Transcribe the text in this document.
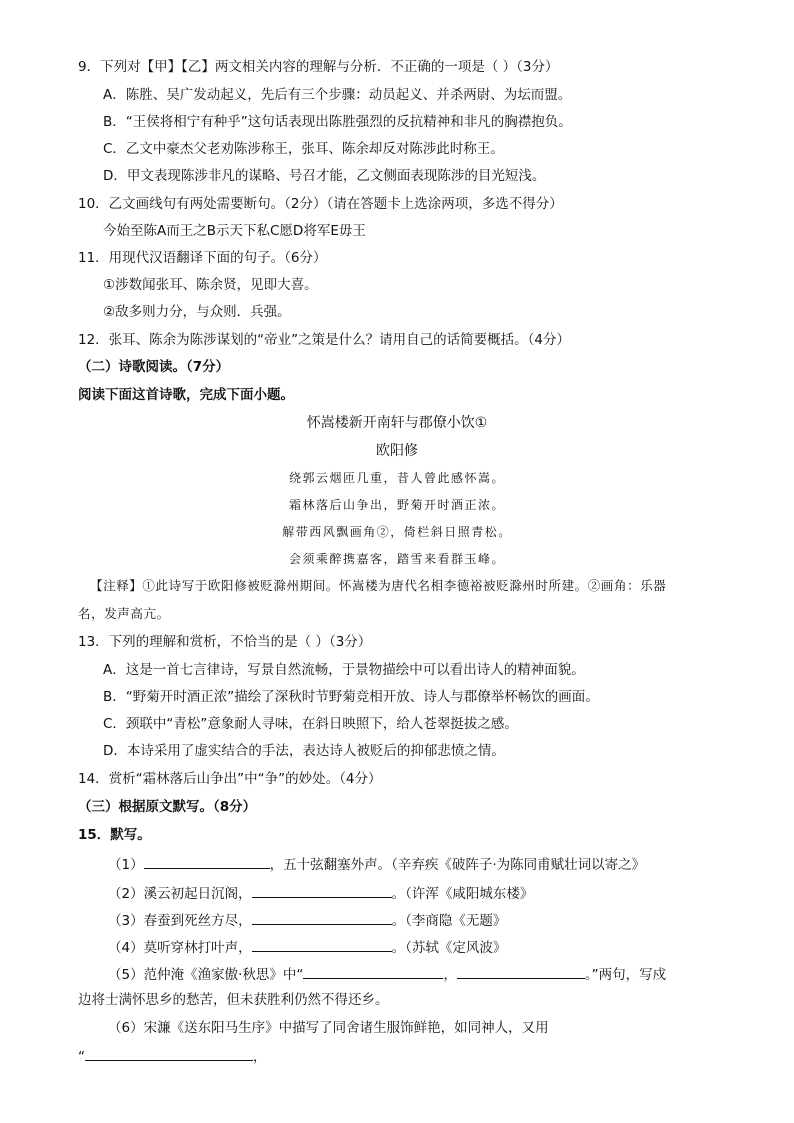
9．下列对【甲】【乙】两文相关内容的理解与分析．不正确的一项是（ ）（3分）
A．陈胜、吴广发动起义，先后有三个步骤：动员起义、并杀两尉、为坛而盟。
B．“王侯将相宁有种乎”这句话表现出陈胜强烈的反抗精神和非凡的胸襟抱负。
C．乙文中豪杰父老劝陈涉称王，张耳、陈余却反对陈涉此时称王。
D．甲文表现陈涉非凡的谋略、号召才能，乙文侧面表现陈涉的目光短浅。
10．乙文画线句有两处需要断句。（2分）（请在答题卡上选涂两项，多选不得分）
今始至陈A而王之B示天下私C愿D将军E毋王
11．用现代汉语翻译下面的句子。（6分）
①涉数闻张耳、陈余贤，见即大喜。
②敌多则力分，与众则．兵强。
12．张耳、陈余为陈涉谋划的“帝业”之策是什么？请用自己的话简要概括。（4分）
（二）诗歌阅读。（7分）
阅读下面这首诗歌，完成下面小题。
怀嵩楼新开南轩与郡僚小饮①
欧阳修
绕郭云烟匝几重，昔人曾此感怀嵩。
霜林落后山争出，野菊开时酒正浓。
解带西风飘画角②，倚栏斜日照青松。
会须乘醉携嘉客，踏雪来看群玉峰。
【注释】①此诗写于欧阳修被贬滁州期间。怀嵩楼为唐代名相李德裕被贬滁州时所建。②画角：乐器
名，发声高亢。
13．下列的理解和赏析，不恰当的是（ ）（3分）
A．这是一首七言律诗，写景自然流畅，于景物描绘中可以看出诗人的精神面貌。
B．“野菊开时酒正浓”描绘了深秋时节野菊竞相开放、诗人与郡僚举杯畅饮的画面。
C．颈联中“青松”意象耐人寻味，在斜日映照下，给人苍翠挺拔之感。
D．本诗采用了虚实结合的手法，表达诗人被贬后的抑郁悲愤之情。
14．赏析“霜林落后山争出”中“争”的妙处。（4分）
（三）根据原文默写。（8分）
15．默写。
（1）	，五十弦翻塞外声。（辛弃疾《破阵子·为陈同甫赋壮词以寄之》
（2）溪云初起日沉阁，	。（许浑《咸阳城东楼》
（3）春蚕到死丝方尽，	。（李商隐《无题》
（4）莫听穿林打叶声，	。（苏轼《定风波》
（5）范仲淹《渔家傲·秋思》中“	，	。”两句，写戍
边将士满怀思乡的愁苦，但未获胜利仍然不得还乡。
（6）宋濂《送东阳马生序》中描写了同舍诸生服饰鲜艳，如同神人，又用
“	，
